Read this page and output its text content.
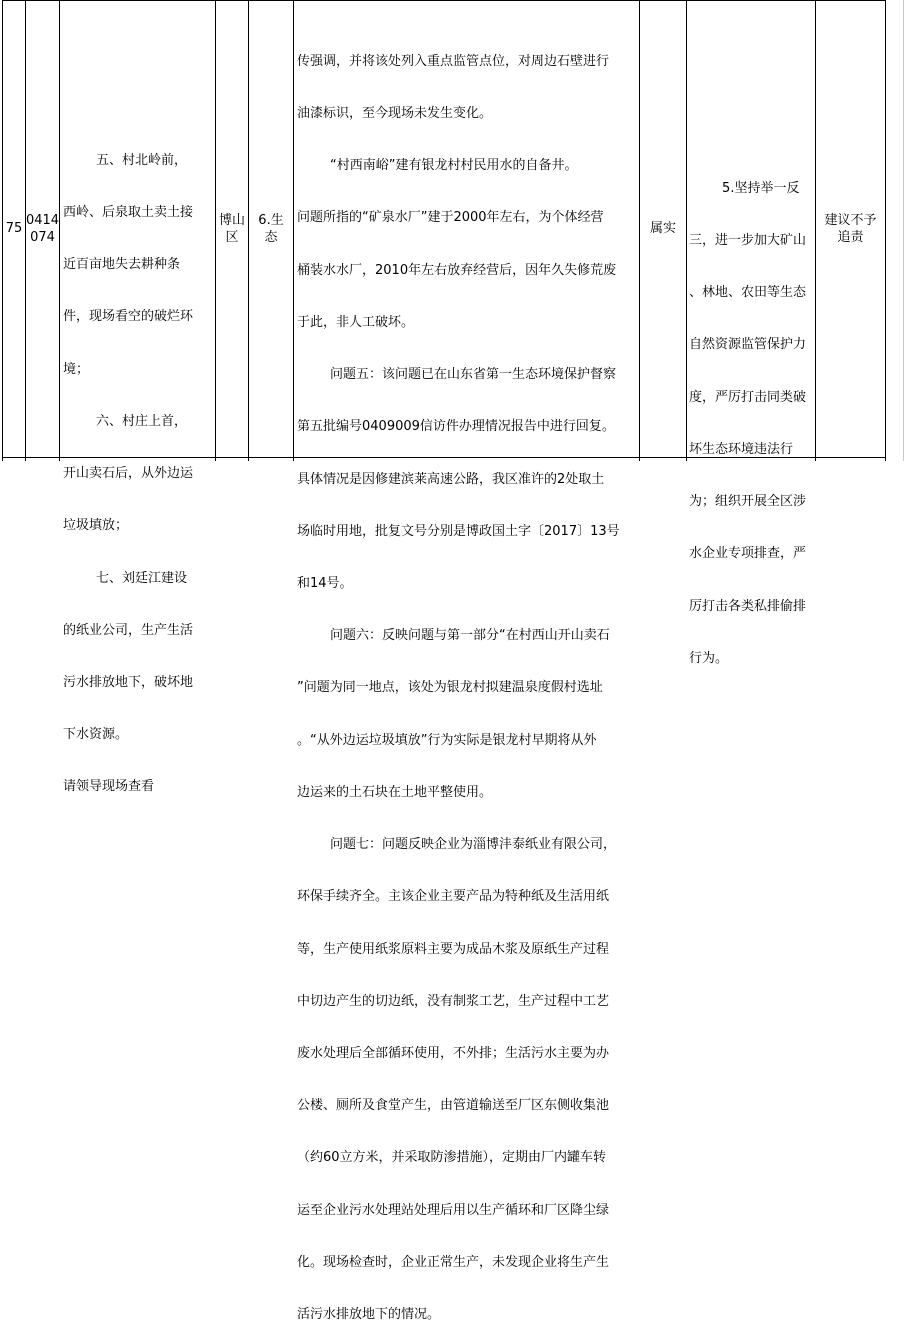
75
0414
074

五、村北岭前，

西岭、后泉取土卖土接

近百亩地失去耕种条

件，现场看空的破烂环

境；

六、村庄上首，

开山卖石后，从外边运

垃圾填放；

七、刘廷江建设

的纸业公司，生产生活

污水排放地下，破坏地

下水资源。

请领导现场查看

博山
区
6.生
态

传强调，并将该处列入重点监管点位，对周边石壁进行

油漆标识，至今现场未发生变化。

“村西南峪”建有银龙村村民用水的自备井。

问题所指的“矿泉水厂”建于2000年左右，为个体经营

桶装水水厂，2010年左右放弃经营后，因年久失修荒废

于此，非人工破坏。

问题五：该问题已在山东省第一生态环境保护督察

第五批编号0409009信访件办理情况报告中进行回复。

具体情况是因修建滨莱高速公路，我区准许的2处取土

场临时用地，批复文号分别是博政国土字〔2017〕13号

和14号。

问题六：反映问题与第一部分“在村西山开山卖石

”问题为同一地点，该处为银龙村拟建温泉度假村选址

。“从外边运垃圾填放”行为实际是银龙村早期将从外

边运来的土石块在土地平整使用。

问题七：问题反映企业为淄博沣泰纸业有限公司，

环保手续齐全。主该企业主要产品为特种纸及生活用纸

等，生产使用纸浆原料主要为成品木浆及原纸生产过程

中切边产生的切边纸，没有制浆工艺，生产过程中工艺

废水处理后全部循环使用，不外排；生活污水主要为办

公楼、厕所及食堂产生，由管道输送至厂区东侧收集池

（约60立方米，并采取防渗措施），定期由厂内罐车转

运至企业污水处理站处理后用以生产循环和厂区降尘绿

化。现场检查时，企业正常生产，未发现企业将生产生

活污水排放地下的情况。

属实

5.坚持举一反

三，进一步加大矿山

、林地、农田等生态

自然资源监管保护力

度，严厉打击同类破

坏生态环境违法行

为；组织开展全区涉

水企业专项排查，严

厉打击各类私排偷排

行为。

建议不予
追责
